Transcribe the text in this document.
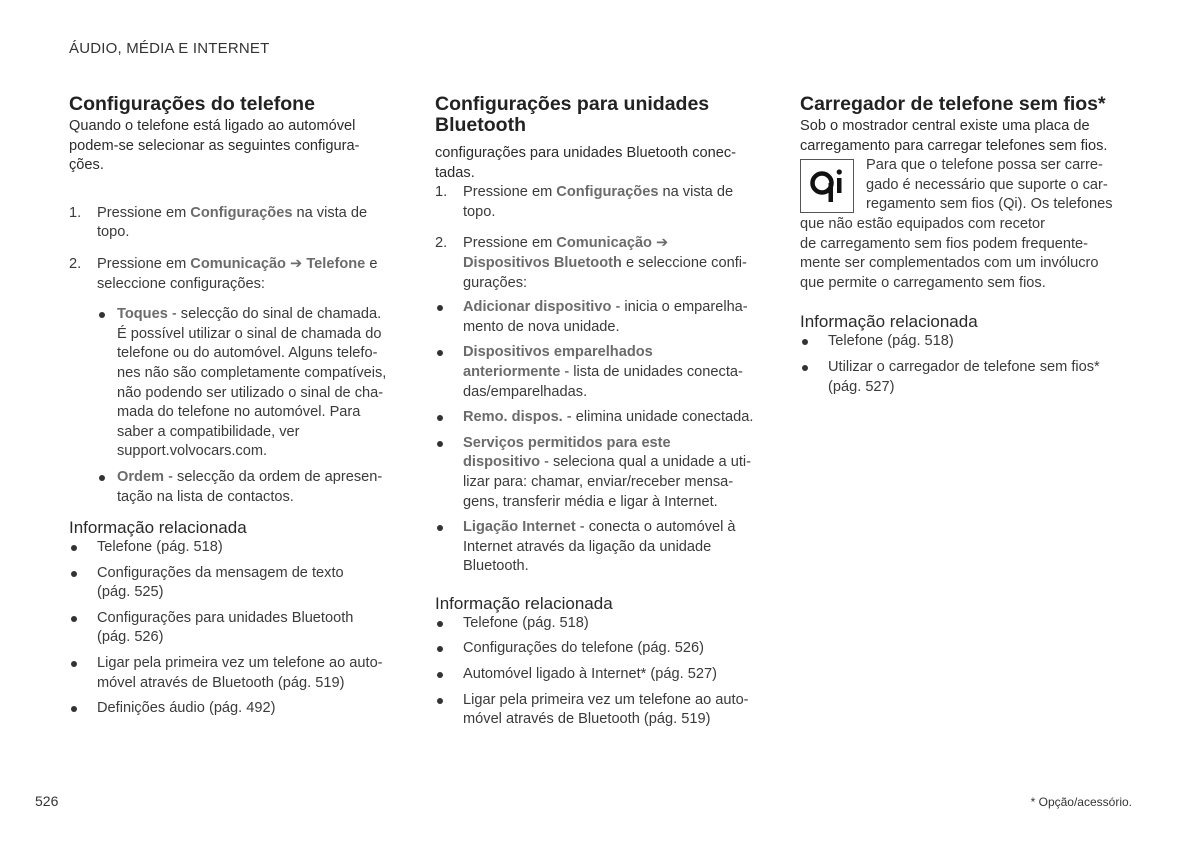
ÁUDIO, MÉDIA E INTERNET
Configurações do telefone

Quando o telefone está ligado ao automóvel
podem-se selecionar as seguintes configura-
ções.

1. Pressione em Configurações na vista de
topo.
2. Pressione em Comunicação ➔ Telefone e
seleccione configurações:
Toques - selecção do sinal de chamada.
É possível utilizar o sinal de chamada do
telefone ou do automóvel. Alguns telefo-
nes não são completamente compatíveis,
não podendo ser utilizado o sinal de cha-
mada do telefone no automóvel. Para
saber a compatibilidade, ver
support.volvocars.com.
Ordem - selecção da ordem de apresen-
tação na lista de contactos.
Informação relacionada
Telefone (pág. 518)
Configurações da mensagem de texto
(pág. 525)
Configurações para unidades Bluetooth
(pág. 526)
Ligar pela primeira vez um telefone ao auto-
móvel através de Bluetooth (pág. 519)
Definições áudio (pág. 492)
Configurações para unidades
Bluetooth

configurações para unidades Bluetooth conec-
tadas.

1. Pressione em Configurações na vista de
topo.
2. Pressione em Comunicação ➔
Dispositivos Bluetooth e seleccione confi-
gurações:
Adicionar dispositivo - inicia o emparelha-
mento de nova unidade.
Dispositivos emparelhados
anteriormente - lista de unidades conecta-
das/emparelhadas.
Remo. dispos. - elimina unidade conectada.
Serviços permitidos para este
dispositivo - seleciona qual a unidade a uti-
lizar para: chamar, enviar/receber mensa-
gens, transferir média e ligar à Internet.
Ligação Internet - conecta o automóvel à
Internet através da ligação da unidade
Bluetooth.
Informação relacionada
Telefone (pág. 518)
Configurações do telefone (pág. 526)
Automóvel ligado à Internet* (pág. 527)
Ligar pela primeira vez um telefone ao auto-
móvel através de Bluetooth (pág. 519)
Carregador de telefone sem fios*

Sob o mostrador central existe uma placa de
carregamento para carregar telefones sem fios.

Para que o telefone possa ser carre-
gado é necessário que suporte o car-
regamento sem fios (Qi). Os telefones
que não estão equipados com recetor
de carregamento sem fios podem frequente-
mente ser complementados com um invólucro
que permite o carregamento sem fios.
Informação relacionada
Telefone (pág. 518)
Utilizar o carregador de telefone sem fios*
(pág. 527)
526	* Opção/acessório.
